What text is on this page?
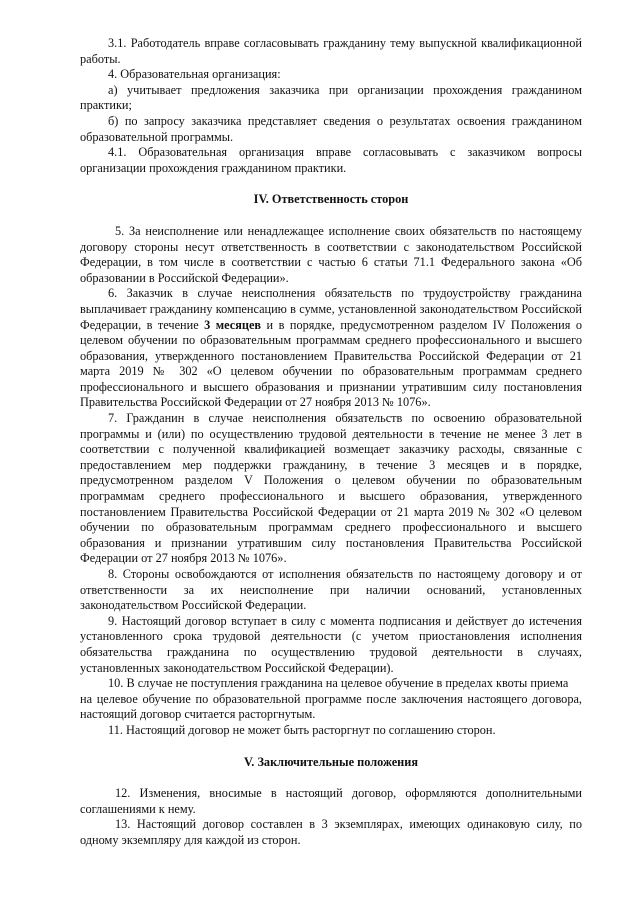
3.1. Работодатель вправе согласовывать гражданину тему выпускной квалификационной работы.

4. Образовательная организация:

а) учитывает предложения заказчика при организации прохождения гражданином практики;

б) по запросу заказчика представляет сведения о результатах освоения гражданином образовательной программы.

4.1. Образовательная организация вправе согласовывать с заказчиком вопросы организации прохождения гражданином практики.

IV. Ответственность сторон

5. За неисполнение или ненадлежащее исполнение своих обязательств по настоящему договору стороны несут ответственность в соответствии с законодательством Российской Федерации, в том числе в соответствии с частью 6 статьи 71.1 Федерального закона «Об образовании в Российской Федерации».

6. Заказчик в случае неисполнения обязательств по трудоустройству гражданина выплачивает гражданину компенсацию в сумме, установленной законодательством Российской Федерации, в течение 3 месяцев и в порядке, предусмотренном разделом IV Положения о целевом обучении по образовательным программам среднего профессионального и высшего образования, утвержденного постановлением Правительства Российской Федерации от 21 марта 2019 № 302 «О целевом обучении по образовательным программам среднего профессионального и высшего образования и признании утратившим силу постановления Правительства Российской Федерации от 27 ноября 2013 № 1076».

7. Гражданин в случае неисполнения обязательств по освоению образовательной программы и (или) по осуществлению трудовой деятельности в течение не менее 3 лет в соответствии с полученной квалификацией возмещает заказчику расходы, связанные с предоставлением мер поддержки гражданину, в течение 3 месяцев и в порядке, предусмотренном разделом V Положения о целевом обучении по образовательным программам среднего профессионального и высшего образования, утвержденного постановлением Правительства Российской Федерации от 21 марта 2019 № 302 «О целевом обучении по образовательным программам среднего профессионального и высшего образования и признании утратившим силу постановления Правительства Российской Федерации от 27 ноября 2013 № 1076».

8. Стороны освобождаются от исполнения обязательств по настоящему договору и от ответственности за их неисполнение при наличии оснований, установленных законодательством Российской Федерации.

9. Настоящий договор вступает в силу с момента подписания и действует до истечения установленного срока трудовой деятельности (с учетом приостановления исполнения обязательства гражданина по осуществлению трудовой деятельности в случаях, установленных законодательством Российской Федерации).

10. В случае не поступления гражданина на целевое обучение в пределах квоты приема

на целевое обучение по образовательной программе после заключения настоящего договора, настоящий договор считается расторгнутым.

11. Настоящий договор не может быть расторгнут по соглашению сторон.

V. Заключительные положения

12. Изменения, вносимые в настоящий договор, оформляются дополнительными соглашениями к нему.

13. Настоящий договор составлен в 3 экземплярах, имеющих одинаковую силу, по одному экземпляру для каждой из сторон.
